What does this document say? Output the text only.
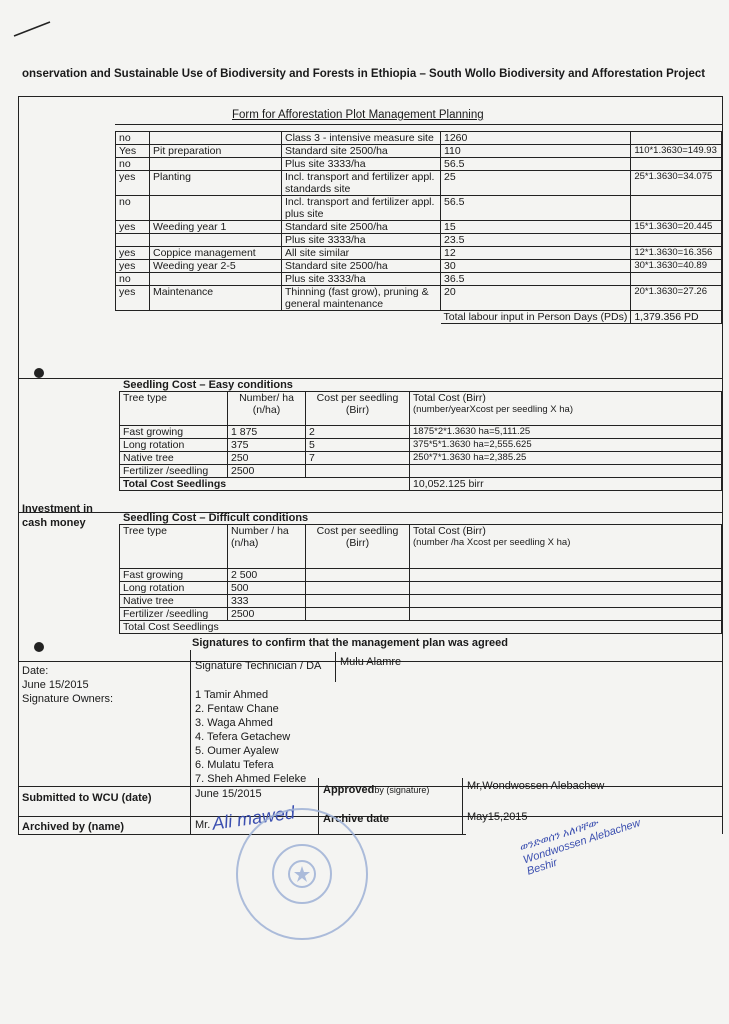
onservation and Sustainable Use of Biodiversity and Forests in Ethiopia – South Wollo Biodiversity and Afforestation Project
Form for Afforestation Plot Management Planning
no		Class 3 - intensive measure site	1260	
Yes	Pit preparation	Standard site 2500/ha	110	110*1.3630=149.93
no		Plus site 3333/ha	56.5	
yes	Planting	Incl. transport and fertilizer appl. standards site	25	25*1.3630=34.075
no		Incl. transport and fertilizer appl. plus site	56.5	
yes	Weeding year 1	Standard site 2500/ha	15	15*1.3630=20.445
		Plus site 3333/ha	23.5	
yes	Coppice management	All site similar	12	12*1.3630=16.356
yes	Weeding year 2-5	Standard site 2500/ha	30	30*1.3630=40.89
no		Plus site 3333/ha	36.5	
yes	Maintenance	Thinning (fast grow), pruning & general maintenance	20	20*1.3630=27.26
			Total labour input in Person Days (PDs)	1,379.356 PD
Investment in cash money
Seedling Cost – Easy conditions
Tree type	Number/ ha (n/ha)	Cost per seedling (Birr)	Total Cost (Birr)
(number/yearXcost per seedling X ha)

Fast growing	1 875	2	1875*2*1.3630 ha=5,111.25
Long rotation	375	5	375*5*1.3630 ha=2,555.625
Native tree	250	7	250*7*1.3630 ha=2,385.25
Fertilizer /seedling	2500		
Total Cost Seedlings			10,052.125 birr
Seedling Cost – Difficult conditions
Tree type	Number / ha (n/ha)	Cost per seedling (Birr)	Total Cost (Birr)
(number /ha Xcost per seedling X ha)

Fast growing	2 500		
Long rotation	500		
Native tree	333		
Fertilizer /seedling	2500		
Total Cost Seedlings			
Signatures to confirm that the management plan was agreed
Date:
June 15/2015
Signature Owners:
Signature Technician / DA	Mulu Alamre
1 Tamir Ahmed
2. Fentaw Chane
3. Waga Ahmed
4. Tefera Getachew
5. Oumer Ayalew
6. Mulatu Tefera
7. Sheh Ahmed Feleke
Submitted to WCU (date)	June 15/2015	Approvedby (signature)	Mr,Wondwossen Alebachew
Archived by (name)	Mr. Ali mawed Archive date	May15,2015
ወንድወሰን አለባቸው Wondwossen Alebachew Beshir
